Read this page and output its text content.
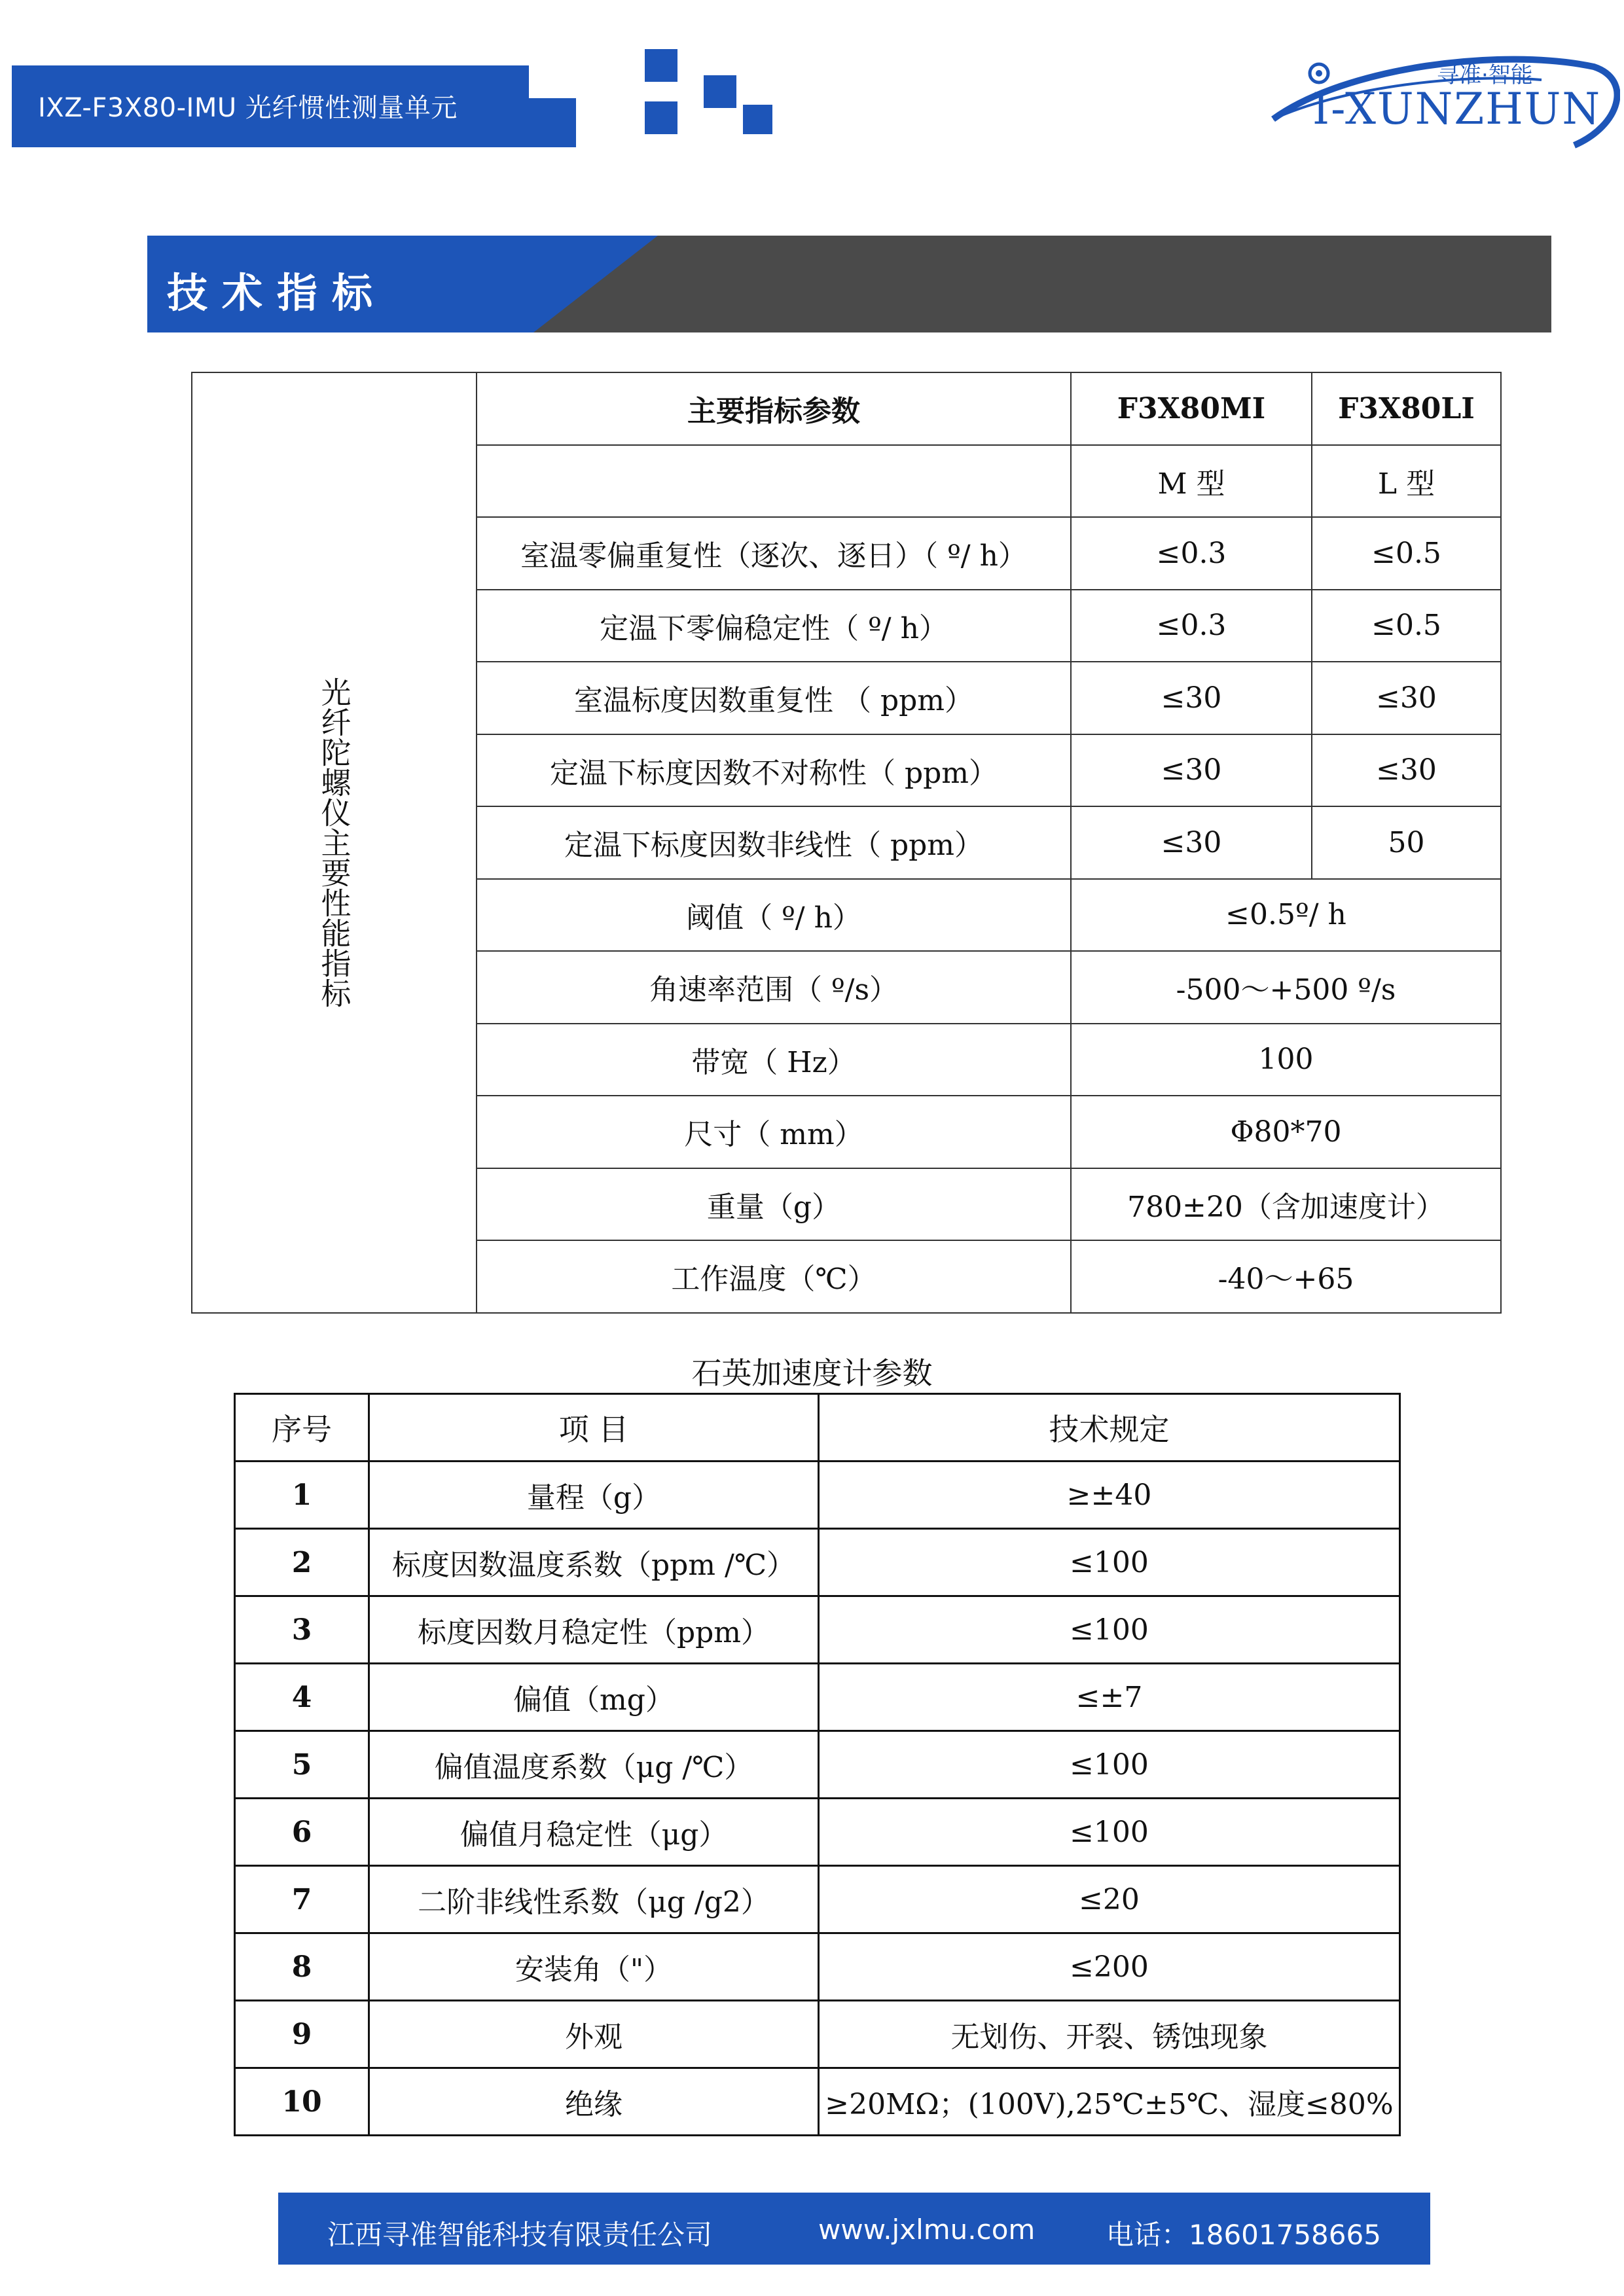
IXZ-F3X80-IMU 光纤惯性测量单元
寻准·智能
I-XUNZHUN
技术指标
光纤陀螺仪主要性能指标	主要指标参数	F3X80MI	F3X80LI
		M 型	L 型
	室温零偏重复性（逐次、逐日）（ º/ h）	≤0.3	≤0.5
	定温下零偏稳定性（ º/ h）	≤0.3	≤0.5
	室温标度因数重复性 （ ppm）	≤30	≤30
	定温下标度因数不对称性（ ppm）	≤30	≤30
	定温下标度因数非线性（ ppm）	≤30	50
	阈值（ º/ h）	≤0.5º/ h	
	角速率范围（ º/s）	-500～+500 º/s	
	带宽（ Hz）	100	
	尺寸（ mm）	Φ80*70	
	重量（g）	780±20（含加速度计）	
	工作温度（℃）	-40～+65	
石英加速度计参数
序号	项 目	技术规定
1	量程（g）	≥±40
2	标度因数温度系数（ppm /℃）	≤100
3	标度因数月稳定性（ppm）	≤100
4	偏值（mg）	≤±7
5	偏值温度系数（μg /℃）	≤100
6	偏值月稳定性（μg）	≤100
7	二阶非线性系数（μg /g2）	≤20
8	安装角（"）	≤200
9	外观	无划伤、开裂、锈蚀现象
10	绝缘	≥20MΩ；(100V),25℃±5℃、湿度≤80%
江西寻准智能科技有限责任公司	www.jxlmu.com	电话：18601758665
